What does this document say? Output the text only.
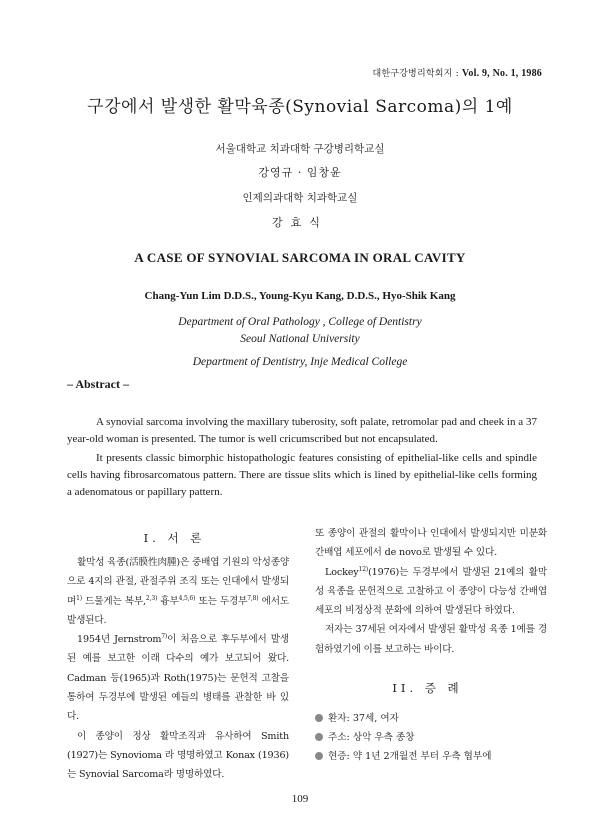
대한구강병리학회지 : Vol. 9, No. 1, 1986
구강에서 발생한 활막육종(Synovial Sarcoma)의 1예
서울대학교 치과대학 구강병리학교실
강영규 · 임창윤
인제의과대학 치과학교실
강효식
A CASE OF SYNOVIAL SARCOMA IN ORAL CAVITY
Chang-Yun Lim D.D.S., Young-Kyu Kang, D.D.S., Hyo-Shik Kang
Department of Oral Pathology , College of Dentistry
Seoul National University
Department of Dentistry, Inje Medical College
– Abstract –
A synovial sarcoma involving the maxillary tuberosity, soft palate, retromolar pad and cheek in a 37 year-old woman is presented. The tumor is well cricumscribed but not encapsulated.
It presents classic bimorphic histopathologic features consisting of epithelial-like cells and spindle cells having fibrosarcomatous pattern. There are tissue slits which is lined by epithelial-like cells forming a adenomatous or papillary pattern.
I. 서 론

활막성 육종(活膜性肉腫)은 중배엽 기원의 악성종양으로 4지의 관절, 관절주위 조직 또는 인대에서 발생되며$^{1)}$ 드물게는 복부,$^{2,3)}$ 흉부$^{4,5,6)}$ 또는 두경부$^{7,8)}$ 에서도 발생된다.

1954년 Jernstrom$^{7)}$이 처음으로 후두부에서 발생된 예를 보고한 이래 다수의 예가 보고되어 왔다. Cadman 등(1965)과 Roth(1975)는 문헌적 고찰을 통하여 두경부에 발생된 예들의 병태를 관찰한 바 있다.

이 종양이 정상 활막조직과 유사하여 Smith (1927)는 Synovioma 라 명명하였고 Konax (1936)는 Synovial Sarcoma라 명명하였다.

또 종양이 관절의 활막이나 인대에서 발생되지만 미분화 간배엽 세포에서 de novo로 발생될 수 있다.

Lockey$^{12)}$(1976)는 두경부에서 발생된 21예의 활막성 육종을 문헌적으로 고찰하고 이 종양이 다능성 간배엽세포의 비정상적 분화에 의하여 발생된다 하였다.

저자는 37세된 여자에서 발생된 활막성 육종 1예를 경험하였기에 이를 보고하는 바이다.

II. 증 례
환자: 37세, 여자
주소: 상악 우측 종창
현증: 약 1년 2개월전 부터 우측 협부에
109
